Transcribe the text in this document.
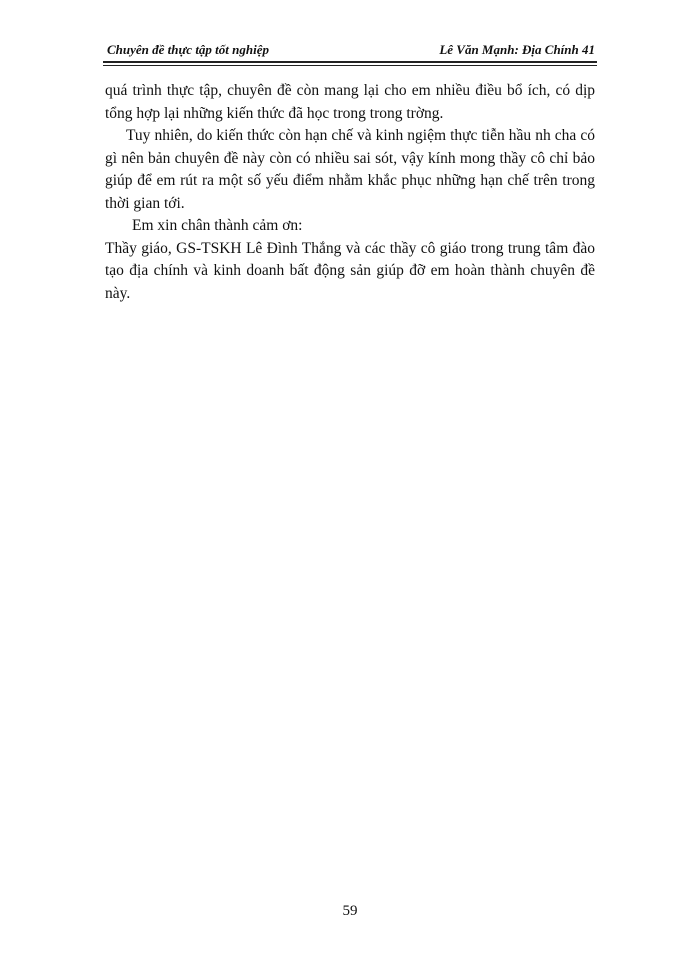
Chuyên đề thực tập tốt nghiệp	Lê Văn Mạnh: Địa Chính 41

quá trình thực tập, chuyên đề còn mang lại cho em nhiều điều bổ ích, có dịp tổng hợp lại những kiến thức đã học trong trong trờng.

Tuy nhiên, do kiến thức còn hạn chế và kinh ngiệm thực tiễn hầu nh cha có gì nên bản chuyên đề này còn có nhiều sai sót, vậy kính mong thầy cô chỉ bảo giúp để em rút ra một số yếu điểm nhằm khắc phục những hạn chế trên trong thời gian tới.

Em xin chân thành cảm ơn:

Thầy giáo, GS-TSKH Lê Đình Thắng và các thầy cô giáo trong trung tâm đào tạo địa chính và kinh doanh bất động sản giúp đỡ em hoàn thành chuyên đề này.

59
